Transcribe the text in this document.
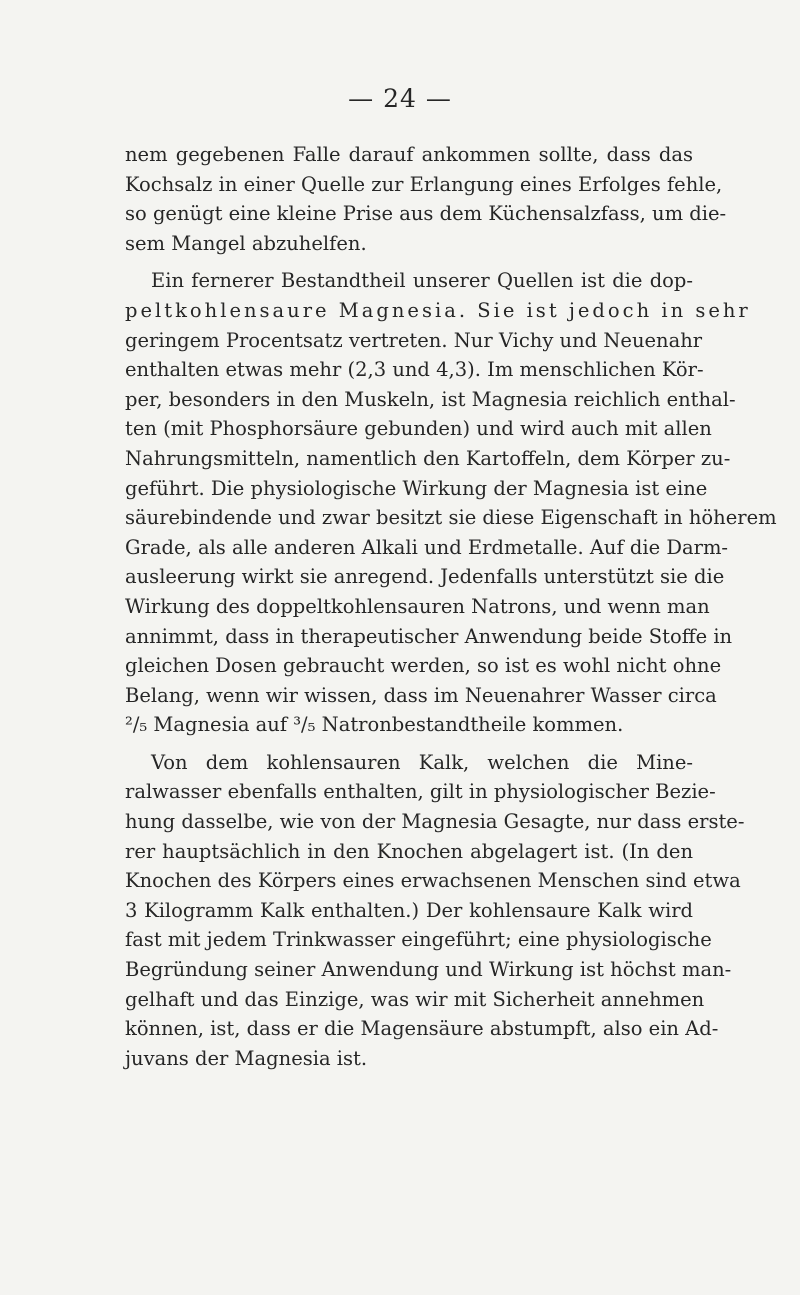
— 24 —
nem gegebenen Falle darauf ankommen sollte, dass das
Kochsalz in einer Quelle zur Erlangung eines Erfolges fehle,
so genügt eine kleine Prise aus dem Küchensalzfass, um die-
sem Mangel abzuhelfen.
Ein fernerer Bestandtheil unserer Quellen ist die dop-
peltkohlensaure Magnesia. Sie ist jedoch in sehr
geringem Procentsatz vertreten. Nur Vichy und Neuenahr
enthalten etwas mehr (2,3 und 4,3). Im menschlichen Kör-
per, besonders in den Muskeln, ist Magnesia reichlich enthal-
ten (mit Phosphorsäure gebunden) und wird auch mit allen
Nahrungsmitteln, namentlich den Kartoffeln, dem Körper zu-
geführt. Die physiologische Wirkung der Magnesia ist eine
säurebindende und zwar besitzt sie diese Eigenschaft in höherem
Grade, als alle anderen Alkali und Erdmetalle. Auf die Darm-
ausleerung wirkt sie anregend. Jedenfalls unterstützt sie die
Wirkung des doppeltkohlensauren Natrons, und wenn man
annimmt, dass in therapeutischer Anwendung beide Stoffe in
gleichen Dosen gebraucht werden, so ist es wohl nicht ohne
Belang, wenn wir wissen, dass im Neuenahrer Wasser circa
²/₅ Magnesia auf ³/₅ Natronbestandtheile kommen.
Von dem kohlensauren Kalk, welchen die Mine-
ralwasser ebenfalls enthalten, gilt in physiologischer Bezie-
hung dasselbe, wie von der Magnesia Gesagte, nur dass erste-
rer hauptsächlich in den Knochen abgelagert ist. (In den
Knochen des Körpers eines erwachsenen Menschen sind etwa
3 Kilogramm Kalk enthalten.) Der kohlensaure Kalk wird
fast mit jedem Trinkwasser eingeführt; eine physiologische
Begründung seiner Anwendung und Wirkung ist höchst man-
gelhaft und das Einzige, was wir mit Sicherheit annehmen
können, ist, dass er die Magensäure abstumpft, also ein Ad-
juvans der Magnesia ist.
